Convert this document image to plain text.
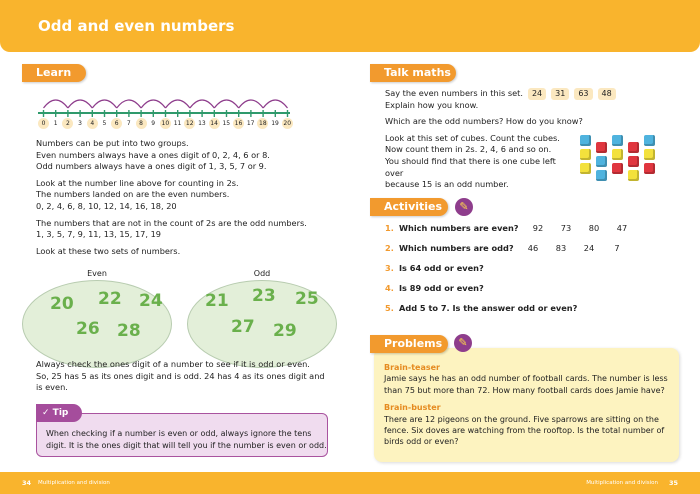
Odd and even numbers
Learn
0	1	2	3	4	5	6	7	8	9	10 11 12 13 14 15 16 17 18 19 20

Numbers can be put into two groups.
Even numbers always have a ones digit of 0, 2, 4, 6 or 8.
Odd numbers always have a ones digit of 1, 3, 5, 7 or 9.

Look at the number line above for counting in 2s.
The numbers landed on are the even numbers.
0, 2, 4, 6, 8, 10, 12, 14, 16, 18, 20

The numbers that are not in the count of 2s are the odd numbers.
1, 3, 5, 7, 9, 11, 13, 15, 17, 19

Look at these two sets of numbers.

Even
20 22 24
26 28
Odd
21 23 25
27 29
Always check the ones digit of a number to see if it is odd or even.
So, 25 has 5 as its ones digit and is odd. 24 has 4 as its ones digit and
is even.
When checking if a number is even or odd, always ignore the tens
digit. It is the ones digit that will tell you if the number is even or odd.
✓ Tip
Talk maths

Say the even numbers in this set. 24 31 63 48
Explain how you know.

Which are the odd numbers? How do you know?

Look at this set of cubes. Count the cubes.
Now count them in 2s. 2, 4, 6 and so on.
You should find that there is one cube left over
because 15 is an odd number.

Activities	✎
1. Which numbers are even?	92	73	80	47
2. Which numbers are odd?	46	83	24	7
3. Is 64 odd or even?
4. Is 89 odd or even?
5. Add 5 to 7. Is the answer odd or even?
Brain-teaser
Jamie says he has an odd number of football cards. The number is less
than 75 but more than 72. How many football cards does Jamie have?
Brain-buster
There are 12 pigeons on the ground. Five sparrows are sitting on the
fence. Six doves are watching from the rooftop. Is the total number of
birds odd or even?
Problems	✎
34 Multiplication and division	Multiplication and division 35
